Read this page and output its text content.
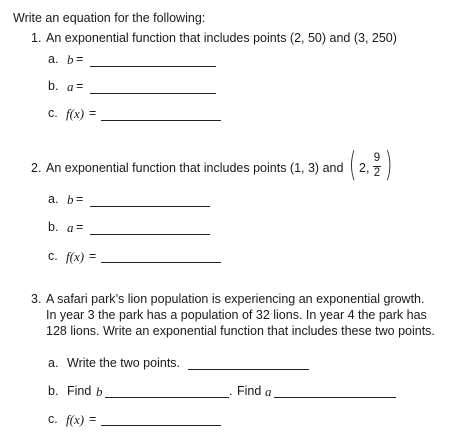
Write an equation for the following:
1. An exponential function that includes points (2, 50) and (3, 250)
a. b =
b. a =
c. f(x) =
2. An exponential function that includes points (1, 3) and ( 2,
9
2 )
a. b =
b. a =
c. f(x) =
3. A safari park’s lion population is experiencing an exponential growth.
In year 3 the park has a population of 32 lions. In year 4 the park has
128 lions. Write an exponential function that includes these two points.
a. Write the two points.
b. Find b	. Find a
c. f(x) =
